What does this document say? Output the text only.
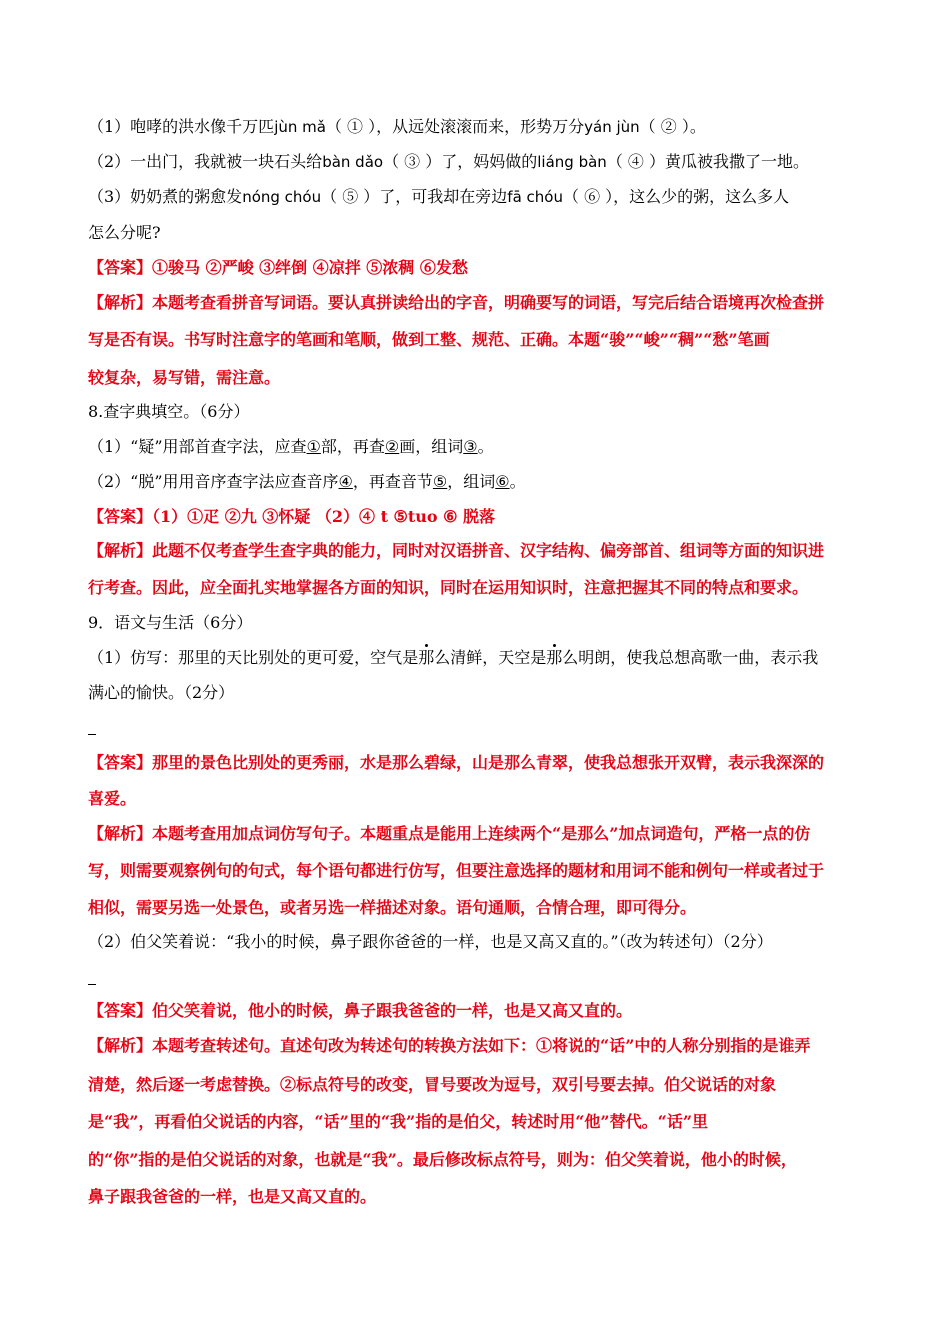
（1）咆哮的洪水像千万匹jùn mǎ（ ① ），从远处滚滚而来，形势万分yán jùn（ ② ）。

（2）一出门，我就被一块石头给bàn dǎo（ ③ ）了，妈妈做的liáng bàn（ ④ ）黄瓜被我撒了一地。

（3）奶奶煮的粥愈发nóng chóu（ ⑤ ）了，可我却在旁边fā chóu（ ⑥ ），这么少的粥，这么多人

怎么分呢?

【答案】①骏马 ②严峻 ③绊倒 ④凉拌 ⑤浓稠 ⑥发愁

【解析】本题考查看拼音写词语。要认真拼读给出的字音，明确要写的词语，写完后结合语境再次检查拼

写是否有误。书写时注意字的笔画和笔顺，做到工整、规范、正确。本题“骏”“峻”“稠”“愁”笔画

较复杂，易写错，需注意。

8.查字典填空。（6分）

（1）“疑”用部首查字法，应查①部，再查②画，组词③。

（2）“脱”用用音序查字法应查音序④，再查音节⑤，组词⑥。

【答案】（1）①疋 ②九 ③怀疑 （2）④ t ⑤tuo ⑥ 脱落

【解析】此题不仅考查学生查字典的能力，同时对汉语拼音、汉字结构、偏旁部首、组词等方面的知识进

行考查。因此，应全面扎实地掌握各方面的知识，同时在运用知识时，注意把握其不同的特点和要求。

9．语文与生活（6分）

（1）仿写：那里的天比别处的更可爱，空气是那么清鲜，天空是那么明朗，使我总想高歌一曲，表示我

满心的愉快。（2分）

【答案】那里的景色比别处的更秀丽，水是那么碧绿，山是那么青翠，使我总想张开双臂，表示我深深的

喜爱。

【解析】本题考查用加点词仿写句子。本题重点是能用上连续两个“是那么”加点词造句，严格一点的仿

写，则需要观察例句的句式，每个语句都进行仿写，但要注意选择的题材和用词不能和例句一样或者过于

相似，需要另选一处景色，或者另选一样描述对象。语句通顺，合情合理，即可得分。

（2）伯父笑着说：“我小的时候，鼻子跟你爸爸的一样，也是又高又直的。”（改为转述句）（2分）

【答案】伯父笑着说，他小的时候，鼻子跟我爸爸的一样，也是又高又直的。

【解析】本题考查转述句。直述句改为转述句的转换方法如下：①将说的“话”中的人称分别指的是谁弄

清楚，然后逐一考虑替换。②标点符号的改变，冒号要改为逗号，双引号要去掉。伯父说话的对象

是“我”，再看伯父说话的内容，“话”里的“我”指的是伯父，转述时用“他”替代。“话”里

的“你”指的是伯父说话的对象，也就是“我”。最后修改标点符号，则为：伯父笑着说，他小的时候，

鼻子跟我爸爸的一样，也是又高又直的。
